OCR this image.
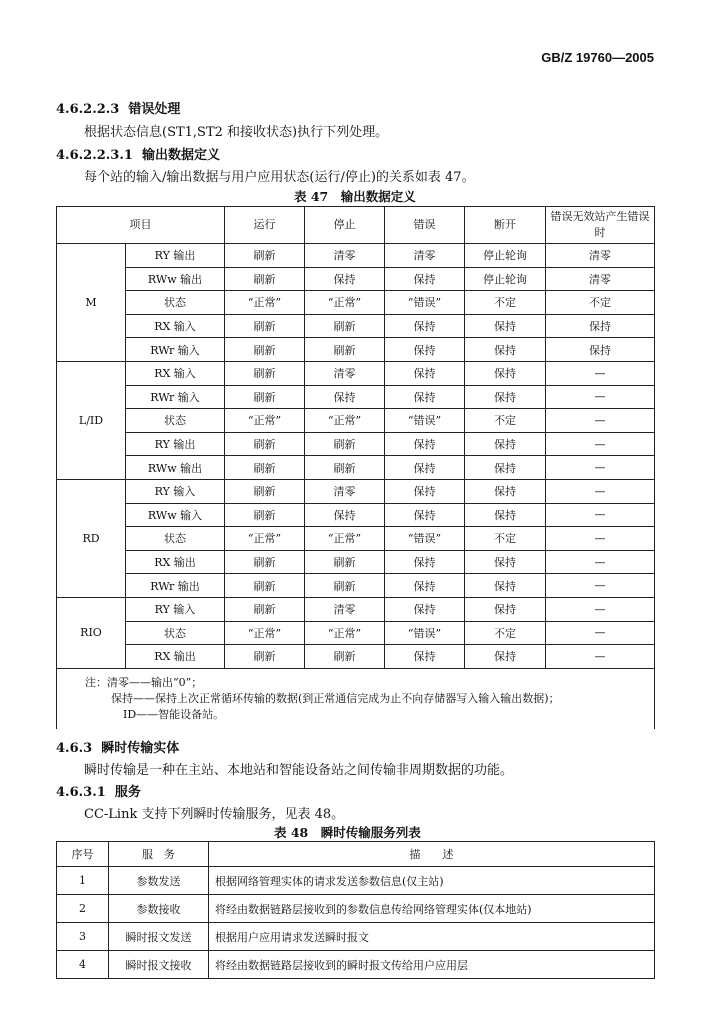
GB/Z 19760—2005
4.6.2.2.3 错误处理
根据状态信息(ST1,ST2 和接收状态)执行下列处理。
4.6.2.2.3.1 输出数据定义
每个站的输入/输出数据与用户应用状态(运行/停止)的关系如表 47。
表 47　输出数据定义
项目		运行	停止	错误	断开	错误无效站产生错误时
M	RY 输出	刷新	清零	清零	停止轮询	清零
	RWw 输出	刷新	保持	保持	停止轮询	清零
	状态	“正常”	“正常”	“错误”	不定	不定
	RX 输入	刷新	刷新	保持	保持	保持
	RWr 输入	刷新	刷新	保持	保持	保持
L/ID	RX 输入	刷新	清零	保持	保持	—
	RWr 输入	刷新	保持	保持	保持	—
	状态	“正常”	“正常”	“错误”	不定	—
	RY 输出	刷新	刷新	保持	保持	—
	RWw 输出	刷新	刷新	保持	保持	—
RD	RY 输入	刷新	清零	保持	保持	—
	RWw 输入	刷新	保持	保持	保持	—
	状态	“正常”	“正常”	“错误”	不定	—
	RX 输出	刷新	刷新	保持	保持	—
	RWr 输出	刷新	刷新	保持	保持	—
RIO	RY 输入	刷新	清零	保持	保持	—
	状态	“正常”	“正常”	“错误”	不定	—
	RX 输出	刷新	刷新	保持	保持	—

注：清零——输出“0”；
保持——保持上次正常循环传输的数据(到正常通信完成为止不向存储器写入输入输出数据)；
ID——智能设备站。						
4.6.3 瞬时传输实体
瞬时传输是一种在主站、本地站和智能设备站之间传输非周期数据的功能。
4.6.3.1 服务
CC-Link 支持下列瞬时传输服务，见表 48。
表 48　瞬时传输服务列表
序号	服　务	描　　述
1	参数发送	根据网络管理实体的请求发送参数信息(仅主站)
2	参数接收	将经由数据链路层接收到的参数信息传给网络管理实体(仅本地站)
3	瞬时报文发送	根据用户应用请求发送瞬时报文
4	瞬时报文接收	将经由数据链路层接收到的瞬时报文传给用户应用层
